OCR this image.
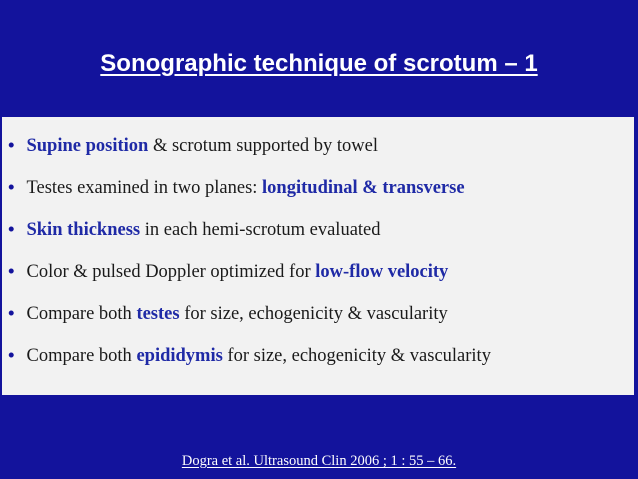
Sonographic technique of scrotum – 1
• Supine position & scrotum supported by towel
• Testes examined in two planes: longitudinal & transverse
• Skin thickness in each hemi-scrotum evaluated
• Color & pulsed Doppler optimized for low-flow velocity
• Compare both testes for size, echogenicity & vascularity
• Compare both epididymis for size, echogenicity & vascularity
Dogra et al. Ultrasound Clin 2006 ; 1 : 55 – 66.
